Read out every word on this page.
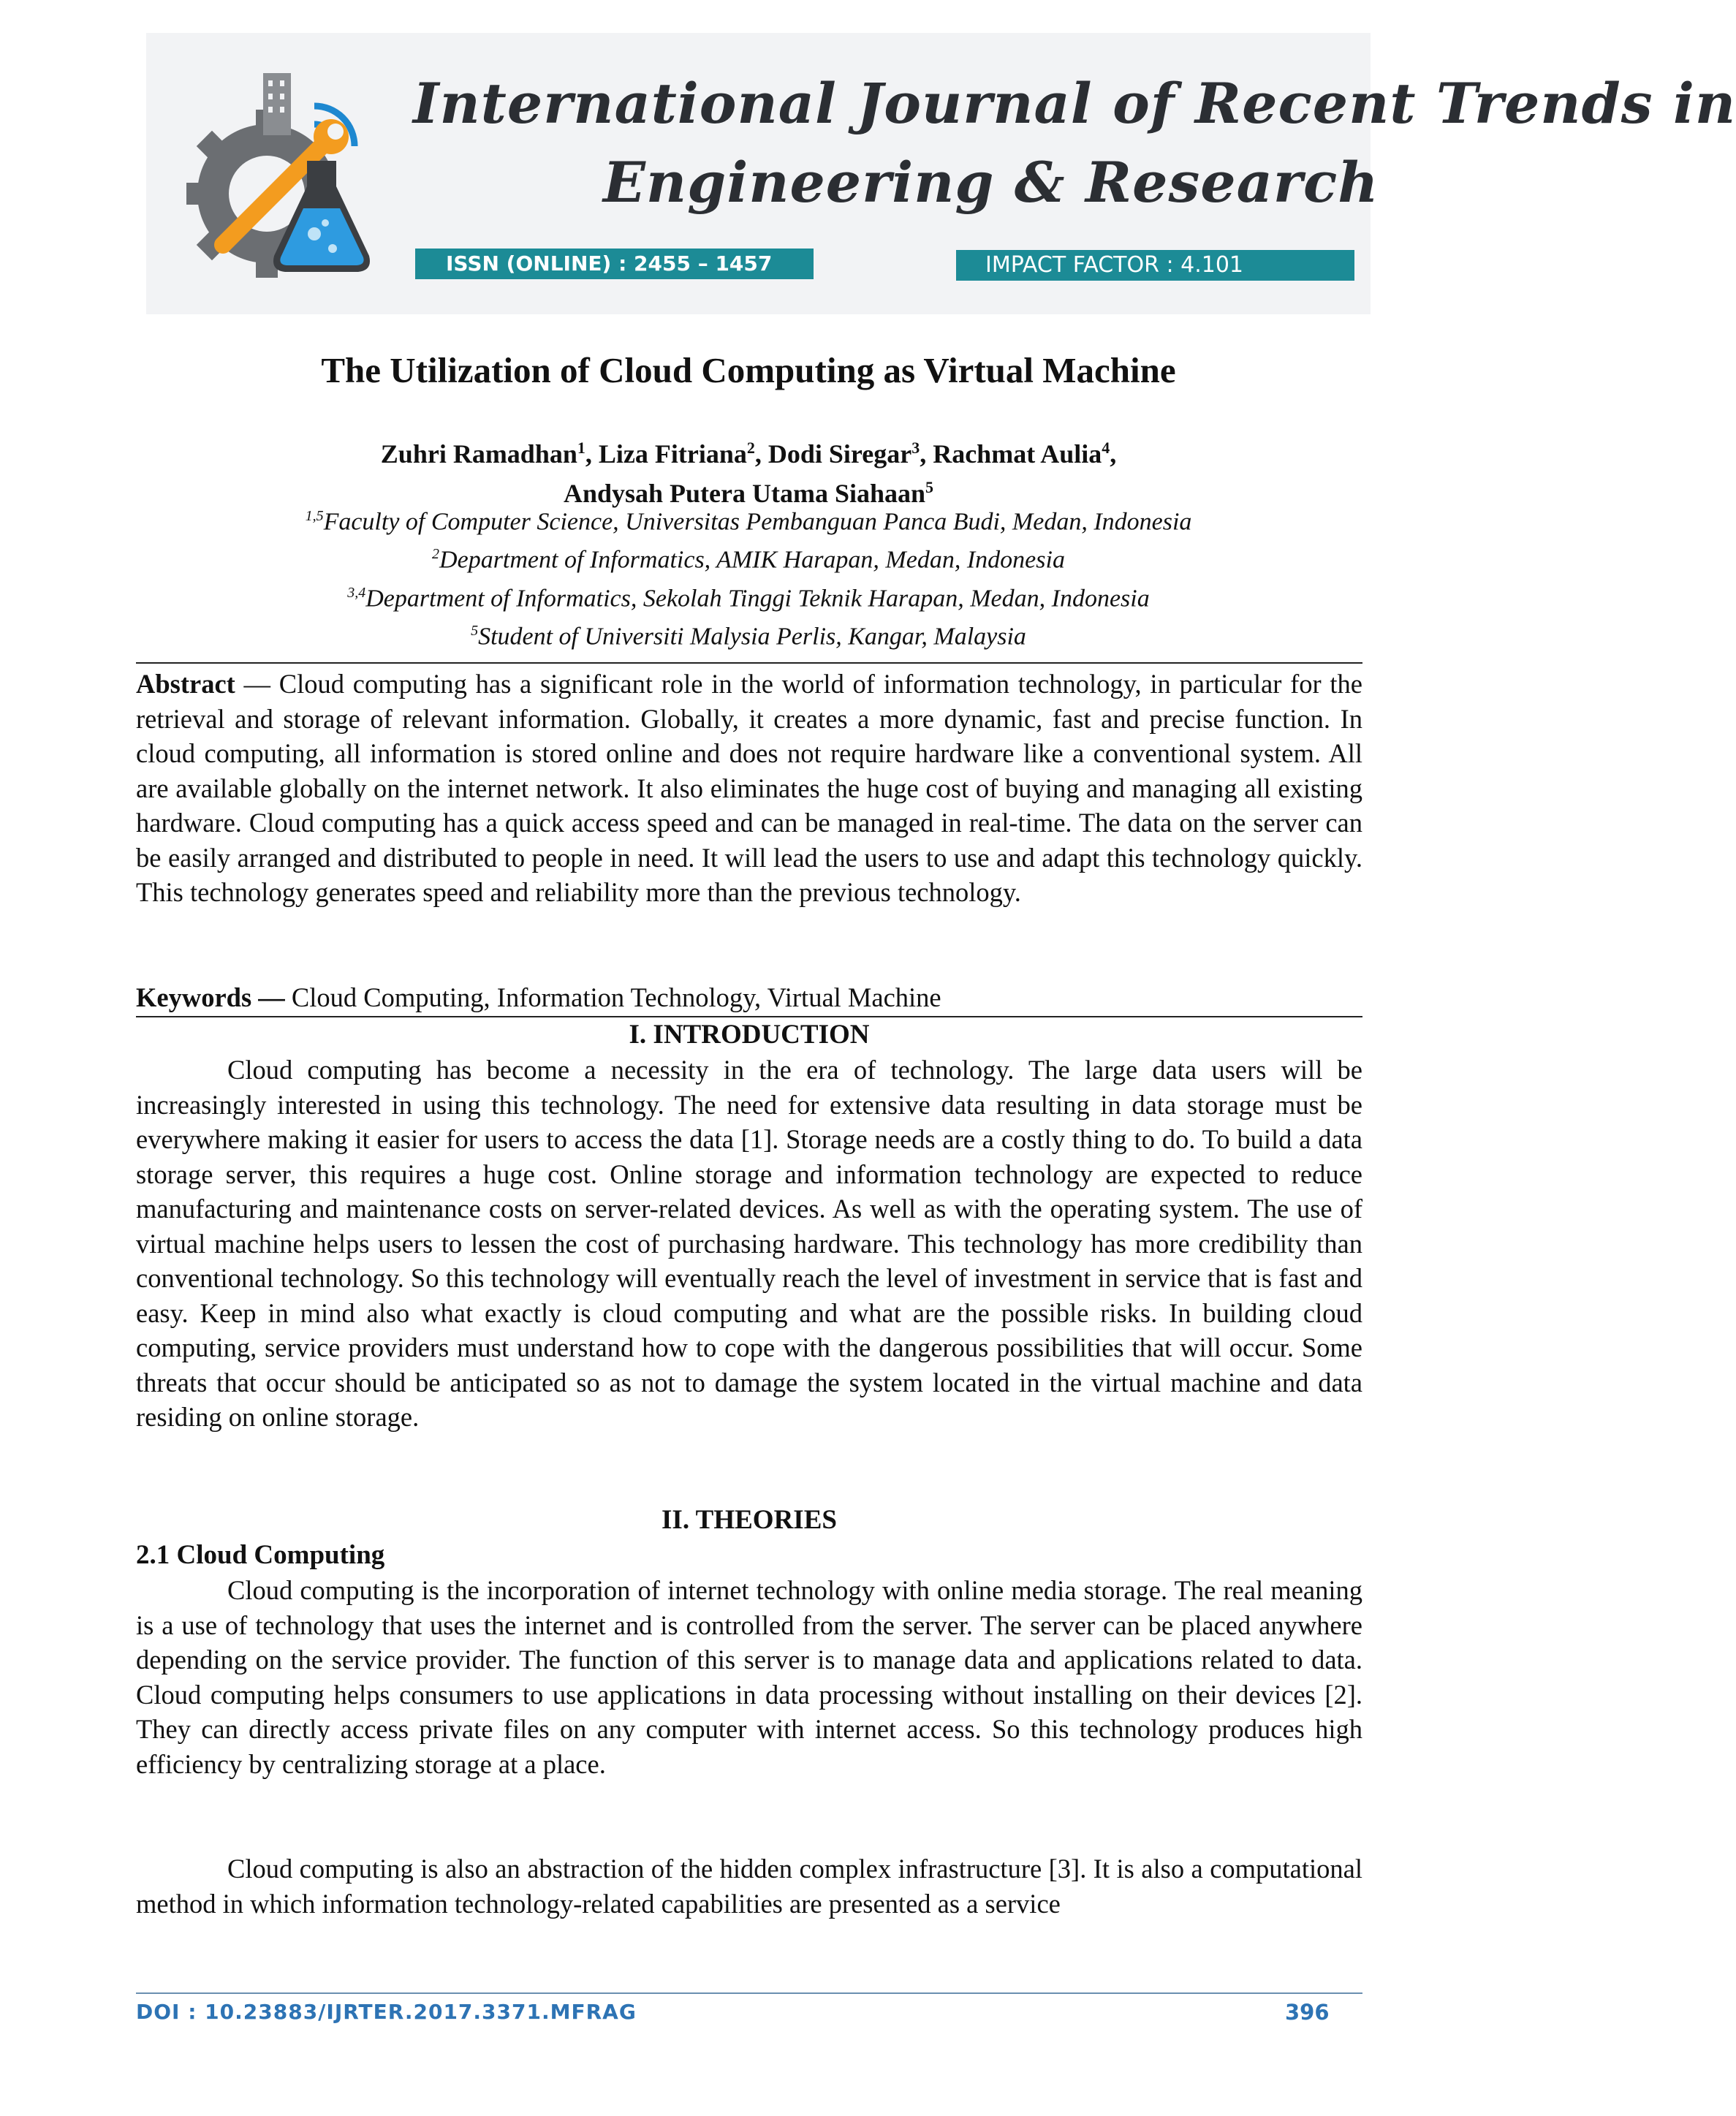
International Journal of Recent Trends in
Engineering & Research
ISSN (ONLINE) : 2455 – 1457	IMPACT FACTOR : 4.101
The Utilization of Cloud Computing as Virtual Machine
Zuhri Ramadhan$^1$, Liza Fitriana$^2$, Dodi Siregar$^3$, Rachmat Aulia$^4$,
Andysah Putera Utama Siahaan$^5$
$^{1,5}$Faculty of Computer Science, Universitas Pembanguan Panca Budi, Medan, Indonesia
$^2$Department of Informatics, AMIK Harapan, Medan, Indonesia
$^{3,4}$Department of Informatics, Sekolah Tinggi Teknik Harapan, Medan, Indonesia
$^5$Student of Universiti Malysia Perlis, Kangar, Malaysia

Abstract — Cloud computing has a significant role in the world of information technology, in particular for the retrieval and storage of relevant information. Globally, it creates a more dynamic, fast and precise function. In cloud computing, all information is stored online and does not require hardware like a conventional system. All are available globally on the internet network. It also eliminates the huge cost of buying and managing all existing hardware. Cloud computing has a quick access speed and can be managed in real-time. The data on the server can be easily arranged and distributed to people in need. It will lead the users to use and adapt this technology quickly. This technology generates speed and reliability more than the previous technology.

Keywords — Cloud Computing, Information Technology, Virtual Machine

I. INTRODUCTION

Cloud computing has become a necessity in the era of technology. The large data users will be increasingly interested in using this technology. The need for extensive data resulting in data storage must be everywhere making it easier for users to access the data [1]. Storage needs are a costly thing to do. To build a data storage server, this requires a huge cost. Online storage and information technology are expected to reduce manufacturing and maintenance costs on server-related devices. As well as with the operating system. The use of virtual machine helps users to lessen the cost of purchasing hardware. This technology has more credibility than conventional technology. So this technology will eventually reach the level of investment in service that is fast and easy. Keep in mind also what exactly is cloud computing and what are the possible risks. In building cloud computing, service providers must understand how to cope with the dangerous possibilities that will occur. Some threats that occur should be anticipated so as not to damage the system located in the virtual machine and data residing on online storage.

II. THEORIES
2.1 Cloud Computing

Cloud computing is the incorporation of internet technology with online media storage. The real meaning is a use of technology that uses the internet and is controlled from the server. The server can be placed anywhere depending on the service provider. The function of this server is to manage data and applications related to data. Cloud computing helps consumers to use applications in data processing without installing on their devices [2]. They can directly access private files on any computer with internet access. So this technology produces high efficiency by centralizing storage at a place.

Cloud computing is also an abstraction of the hidden complex infrastructure [3]. It is also a computational method in which information technology-related capabilities are presented as a service

DOI : 10.23883/IJRTER.2017.3371.MFRAG	396
